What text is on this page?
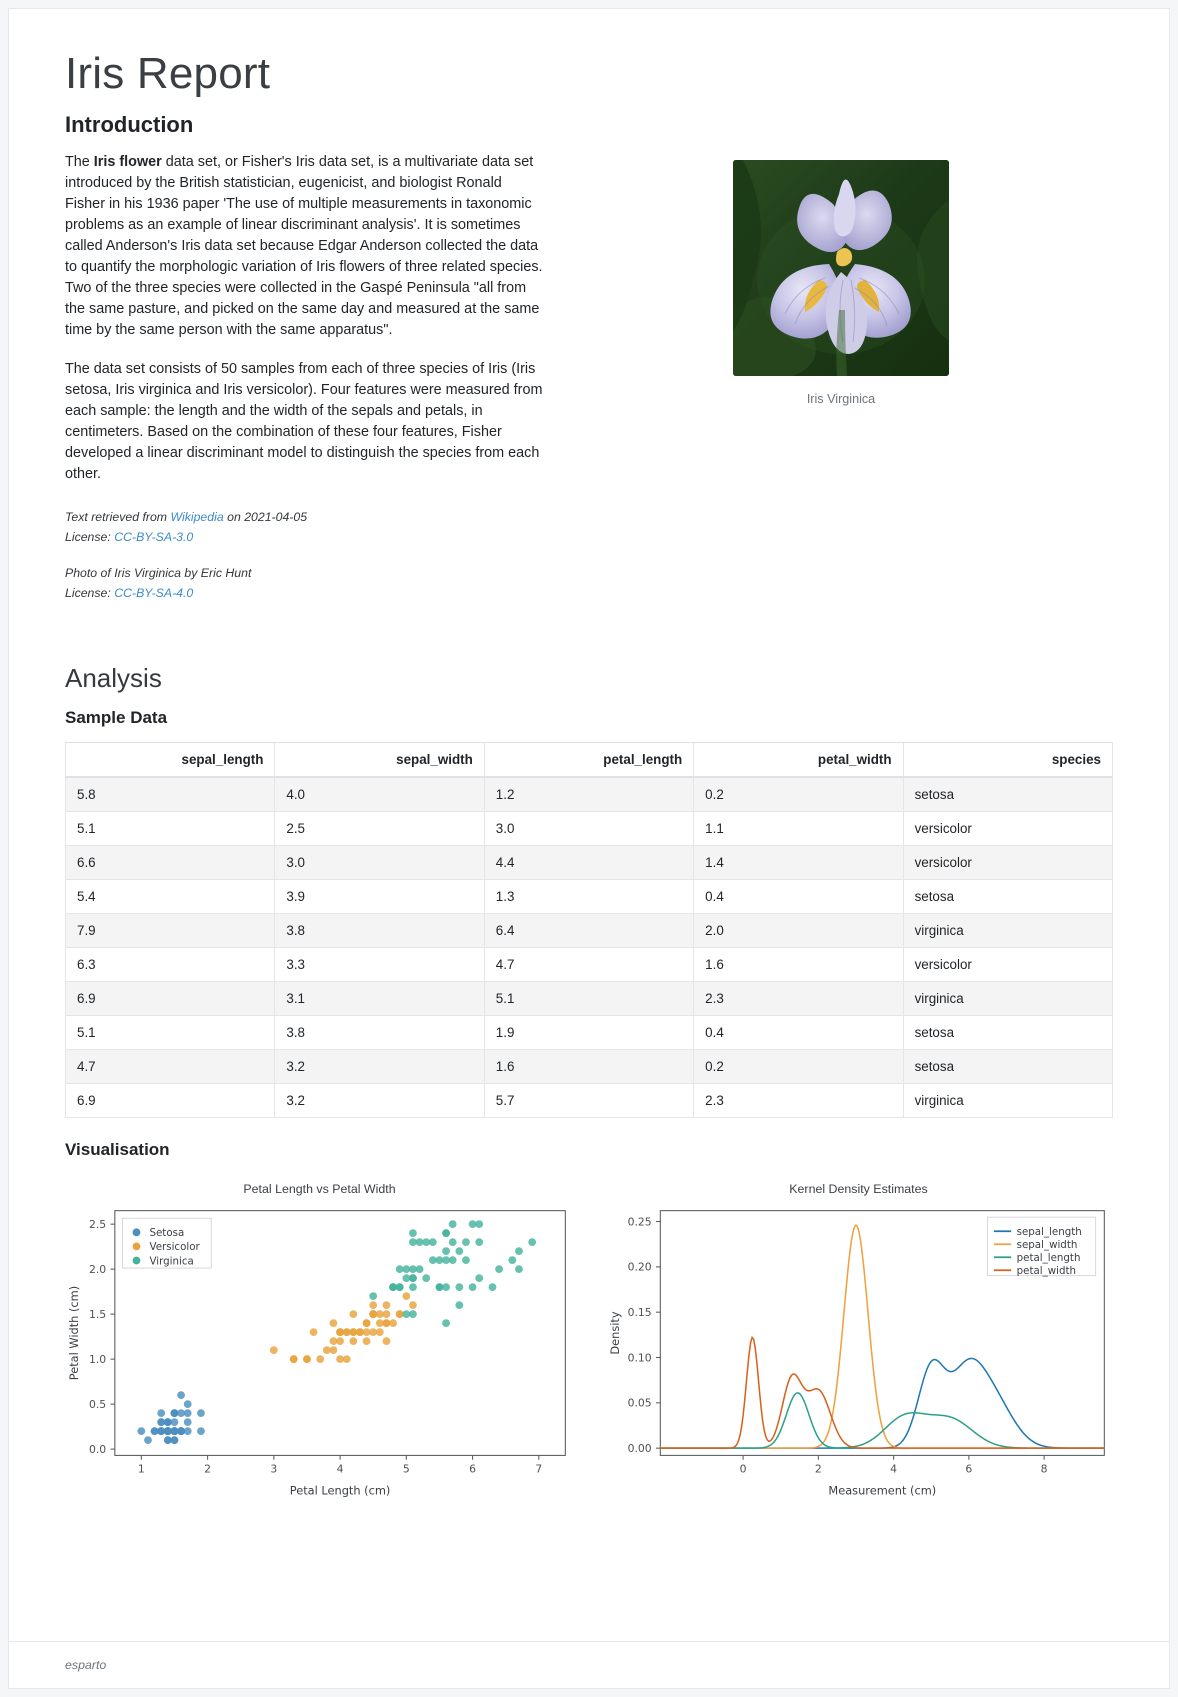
Iris Report
Introduction

The Iris flower data set, or Fisher's Iris data set, is a multivariate data set introduced by the British statistician, eugenicist, and biologist Ronald Fisher in his 1936 paper 'The use of multiple measurements in taxonomic problems as an example of linear discriminant analysis'. It is sometimes called Anderson's Iris data set because Edgar Anderson collected the data to quantify the morphologic variation of Iris flowers of three related species. Two of the three species were collected in the Gaspé Peninsula "all from the same pasture, and picked on the same day and measured at the same time by the same person with the same apparatus".

The data set consists of 50 samples from each of three species of Iris (Iris setosa, Iris virginica and Iris versicolor). Four features were measured from each sample: the length and the width of the sepals and petals, in centimeters. Based on the combination of these four features, Fisher developed a linear discriminant model to distinguish the species from each other.

Text retrieved from Wikipedia on 2021-04-05
License: CC-BY-SA-3.0
Photo of Iris Virginica by Eric Hunt
License: CC-BY-SA-4.0
Iris Virginica
Analysis
Sample Data
sepal_length	sepal_width	petal_length	petal_width	species
5.8	4.0	1.2	0.2	setosa
5.1	2.5	3.0	1.1	versicolor
6.6	3.0	4.4	1.4	versicolor
5.4	3.9	1.3	0.4	setosa
7.9	3.8	6.4	2.0	virginica
6.3	3.3	4.7	1.6	versicolor
6.9	3.1	5.1	2.3	virginica
5.1	3.8	1.9	0.4	setosa
4.7	3.2	1.6	0.2	setosa
6.9	3.2	5.7	2.3	virginica
Visualisation
Petal Length vs Petal Width
1	2	3	4	5	6	7
0.0
0.5
1.0
1.5
2.0
2.5
Petal Length (cm)
Petal Width (cm)
Setosa
Versicolor
Virginica
Kernel Density Estimates
0	2	4	6	8
0.00
0.05
0.10
0.15
0.20
0.25
Measurement (cm)
Density
sepal_length
sepal_width
petal_length
petal_width
esparto
